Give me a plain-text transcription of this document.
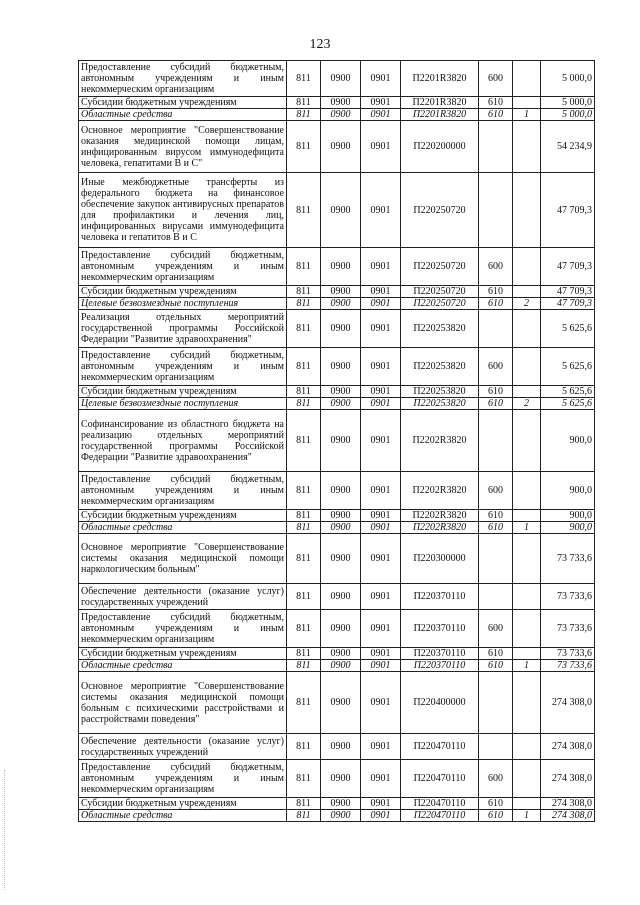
123
Предоставление субсидий бюджетным, автономным учреждениям и иным некоммерческим организациям	811	0900	0901	П2201R3820	600		5 000,0
Субсидии бюджетным учреждениям	811	0900	0901	П2201R3820	610		5 000,0
Областные средства	811	0900	0901	П2201R3820	610	1	5 000,0
Основное мероприятие "Совершенствование оказания медицинской помощи лицам, инфицированным вирусом иммунодефицита человека, гепатитами В и С"	811	0900	0901	П220200000			54 234,9
Иные межбюджетные трансферты из федерального бюджета на финансовое обеспечение закупок антивирусных препаратов для профилактики и лечения лиц, инфицированных вирусами иммунодефицита человека и гепатитов В и С	811	0900	0901	П220250720			47 709,3
Предоставление субсидий бюджетным, автономным учреждениям и иным некоммерческим организациям	811	0900	0901	П220250720	600		47 709,3
Субсидии бюджетным учреждениям	811	0900	0901	П220250720	610		47 709,3
Целевые безвозмездные поступления	811	0900	0901	П220250720	610	2	47 709,3
Реализация отдельных мероприятий государственной программы Российской Федерации "Развитие здравоохранения"	811	0900	0901	П220253820			5 625,6
Предоставление субсидий бюджетным, автономным учреждениям и иным некоммерческим организациям	811	0900	0901	П220253820	600		5 625,6
Субсидии бюджетным учреждениям	811	0900	0901	П220253820	610		5 625,6
Целевые безвозмездные поступления	811	0900	0901	П220253820	610	2	5 625,6
Софинансирование из областного бюджета на реализацию отдельных мероприятий государственной программы Российской Федерации "Развитие здравоохранения"	811	0900	0901	П2202R3820			900,0
Предоставление субсидий бюджетным, автономным учреждениям и иным некоммерческим организациям	811	0900	0901	П2202R3820	600		900,0
Субсидии бюджетным учреждениям	811	0900	0901	П2202R3820	610		900,0
Областные средства	811	0900	0901	П2202R3820	610	1	900,0
Основное мероприятие "Совершенствование системы оказания медицинской помощи наркологическим больным"	811	0900	0901	П220300000			73 733,6
Обеспечение деятельности (оказание услуг) государственных учреждений	811	0900	0901	П220370110			73 733,6
Предоставление субсидий бюджетным, автономным учреждениям и иным некоммерческим организациям	811	0900	0901	П220370110	600		73 733,6
Субсидии бюджетным учреждениям	811	0900	0901	П220370110	610		73 733,6
Областные средства	811	0900	0901	П220370110	610	1	73 733,6
Основное мероприятие "Совершенствование системы оказания медицинской помощи больным с психическими расстройствами и расстройствами поведения"	811	0900	0901	П220400000			274 308,0
Обеспечение деятельности (оказание услуг) государственных учреждений	811	0900	0901	П220470110			274 308,0
Предоставление субсидий бюджетным, автономным учреждениям и иным некоммерческим организациям	811	0900	0901	П220470110	600		274 308,0
Субсидии бюджетным учреждениям	811	0900	0901	П220470110	610		274 308,0
Областные средства	811	0900	0901	П220470110	610	1	274 308,0
